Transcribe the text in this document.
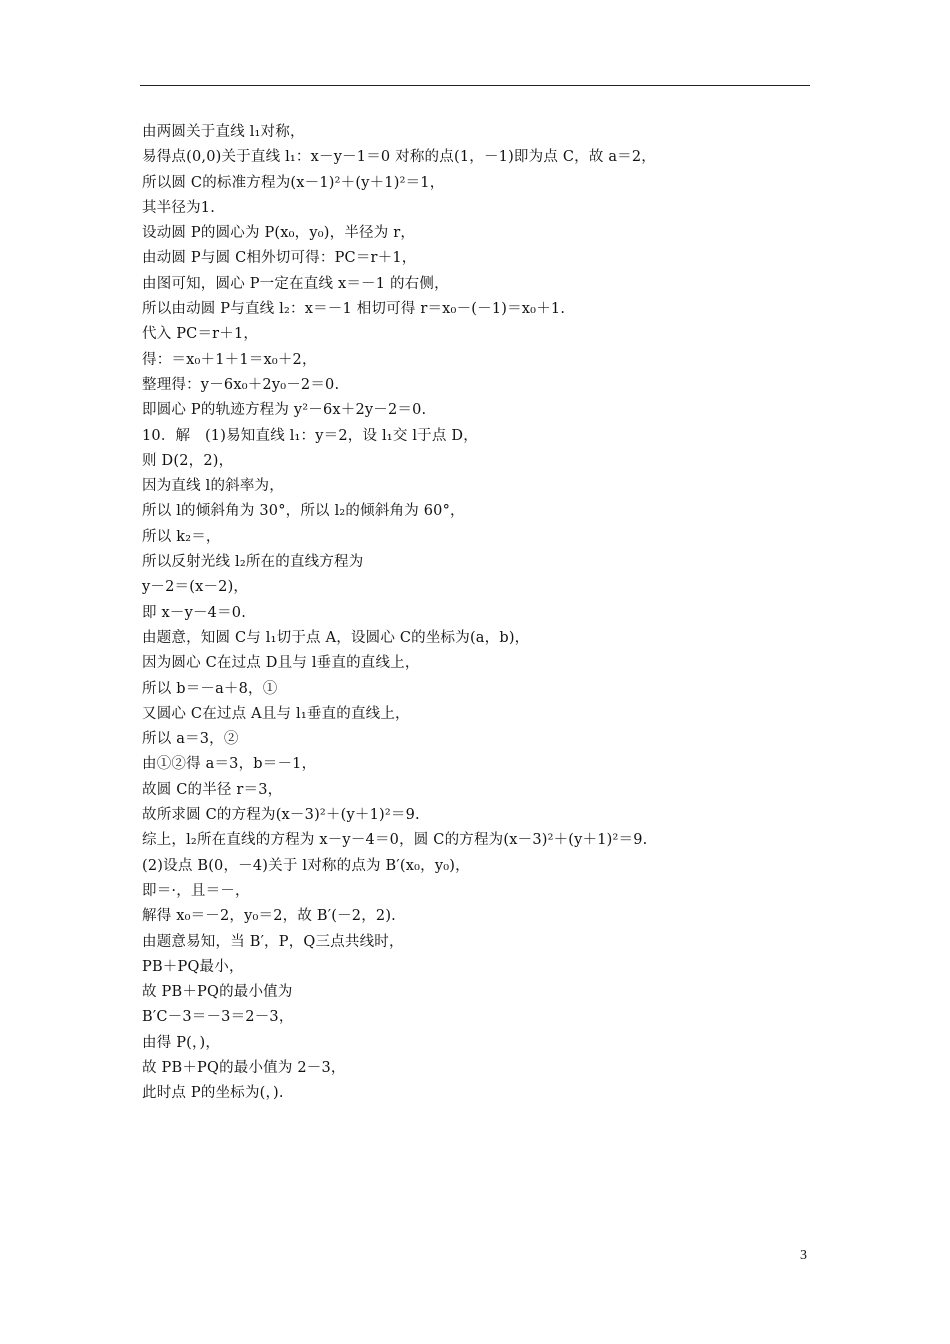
由两圆关于直线 l₁对称，
易得点(0,0)关于直线 l₁：x－y－1＝0 对称的点(1，－1)即为点 C，故 a＝2，
所以圆 C的标准方程为(x－1)²＋(y＋1)²＝1，
其半径为1.
设动圆 P的圆心为 P(x₀，y₀)，半径为 r，
由动圆 P与圆 C相外切可得：PC＝r＋1，
由图可知，圆心 P一定在直线 x＝－1 的右侧，
所以由动圆 P与直线 l₂：x＝－1 相切可得 r＝x₀－(－1)＝x₀＋1.
代入 PC＝r＋1，
得：＝x₀＋1＋1＝x₀＋2，
整理得：y－6x₀＋2y₀－2＝0.
即圆心 P的轨迹方程为 y²－6x＋2y－2＝0.
10．解　(1)易知直线 l₁：y＝2，设 l₁交 l于点 D，
则 D(2，2)，
因为直线 l的斜率为，
所以 l的倾斜角为 30°，所以 l₂的倾斜角为 60°，
所以 k₂＝，
所以反射光线 l₂所在的直线方程为
y－2＝(x－2)，
即 x－y－4＝0.
由题意，知圆 C与 l₁切于点 A，设圆心 C的坐标为(a，b)，
因为圆心 C在过点 D且与 l垂直的直线上，
所以 b＝－a＋8，①
又圆心 C在过点 A且与 l₁垂直的直线上，
所以 a＝3，②
由①②得 a＝3，b＝－1，
故圆 C的半径 r＝3，
故所求圆 C的方程为(x－3)²＋(y＋1)²＝9.
综上，l₂所在直线的方程为 x－y－4＝0，圆 C的方程为(x－3)²＋(y＋1)²＝9.
(2)设点 B(0，－4)关于 l对称的点为 B′(x₀，y₀)，
即＝·，且＝－，
解得 x₀＝－2，y₀＝2，故 B′(－2，2).
由题意易知，当 B′，P，Q三点共线时，
PB＋PQ最小，
故 PB＋PQ的最小值为
B′C－3＝－3＝2－3，
由得 P(，)，
故 PB＋PQ的最小值为 2－3，
此时点 P的坐标为(，).
3
